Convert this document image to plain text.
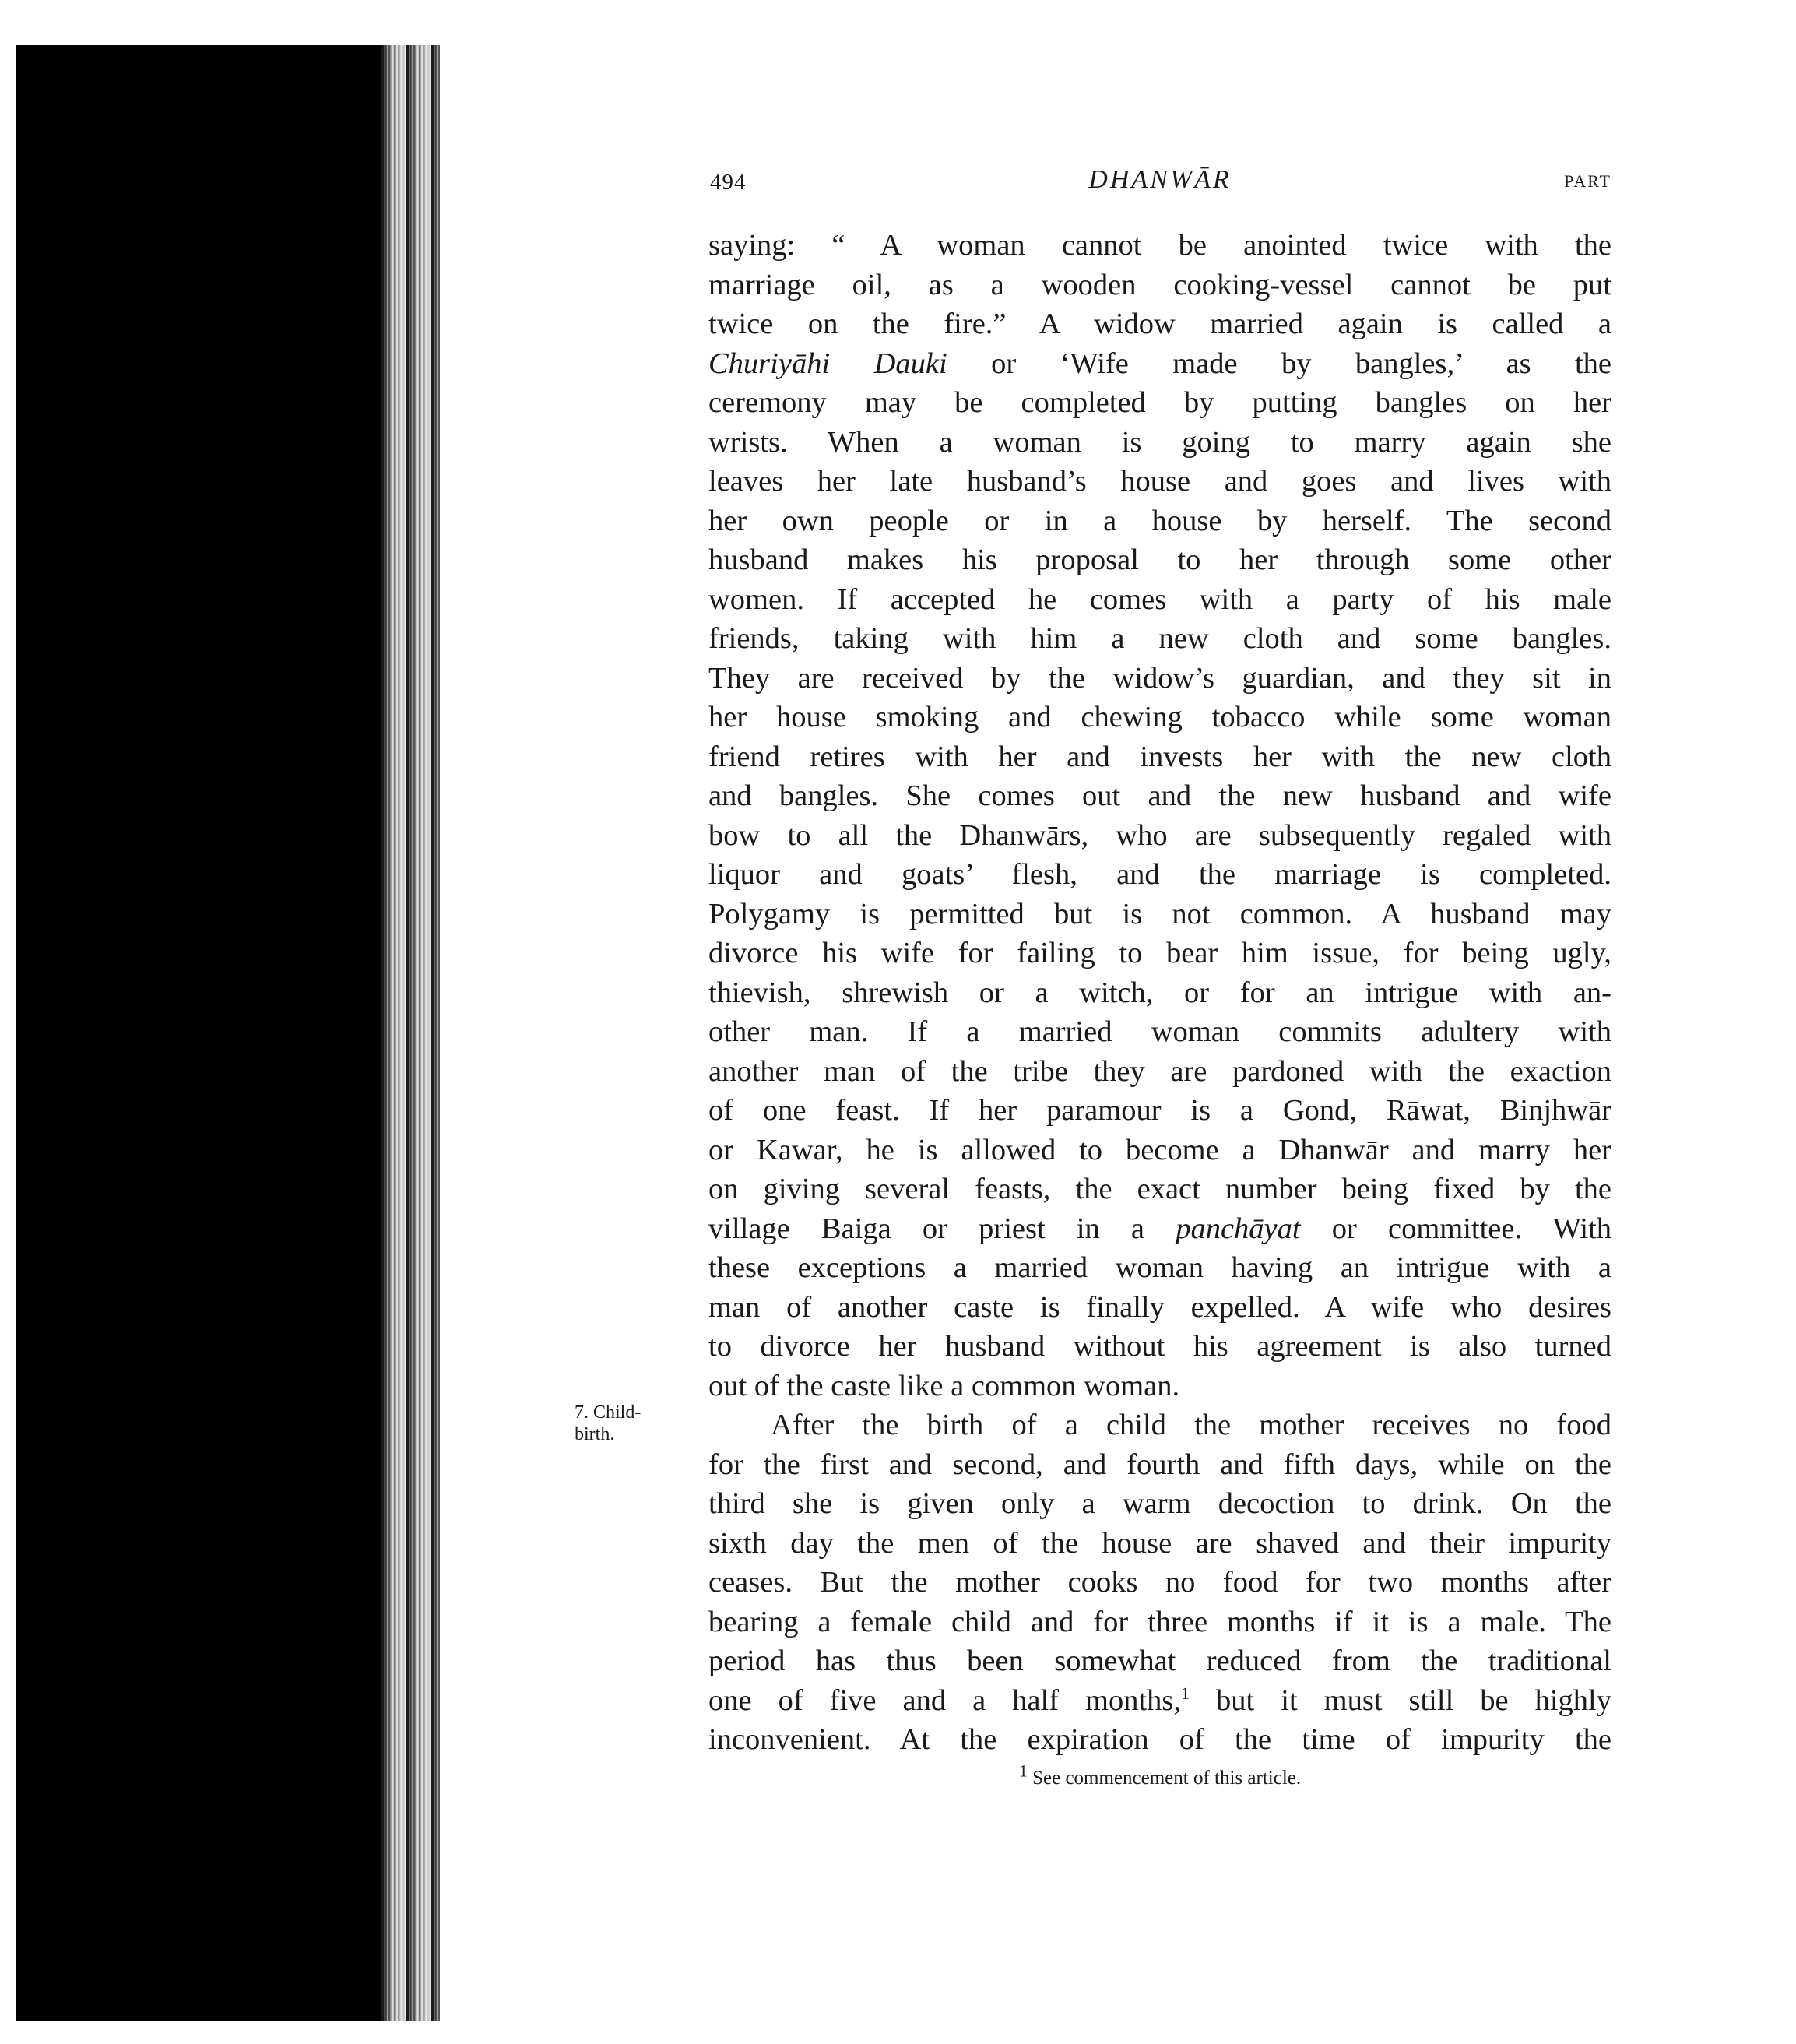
494	DHANWĀR	PART
saying: “ A woman cannot be anointed twice with the
marriage oil, as a wooden cooking-vessel cannot be put
twice on the fire.” A widow married again is called a
Churiyāhi Dauki or ‘Wife made by bangles,’ as the
ceremony may be completed by putting bangles on her
wrists. When a woman is going to marry again she
leaves her late husband’s house and goes and lives with
her own people or in a house by herself. The second
husband makes his proposal to her through some other
women. If accepted he comes with a party of his male
friends, taking with him a new cloth and some bangles.
They are received by the widow’s guardian, and they sit in
her house smoking and chewing tobacco while some woman
friend retires with her and invests her with the new cloth
and bangles. She comes out and the new husband and wife
bow to all the Dhanwārs, who are subsequently regaled with
liquor and goats’ flesh, and the marriage is completed.
Polygamy is permitted but is not common. A husband may
divorce his wife for failing to bear him issue, for being ugly,
thievish, shrewish or a witch, or for an intrigue with an-
other man. If a married woman commits adultery with
another man of the tribe they are pardoned with the exaction
of one feast. If her paramour is a Gond, Rāwat, Binjhwār
or Kawar, he is allowed to become a Dhanwār and marry her
on giving several feasts, the exact number being fixed by the
village Baiga or priest in a panchāyat or committee. With
these exceptions a married woman having an intrigue with a
man of another caste is finally expelled. A wife who desires
to divorce her husband without his agreement is also turned
out of the caste like a common woman.
7. Child-
birth.	After the birth of a child the mother receives no food
for the first and second, and fourth and fifth days, while on the
third she is given only a warm decoction to drink. On the
sixth day the men of the house are shaved and their impurity
ceases. But the mother cooks no food for two months after
bearing a female child and for three months if it is a male. The
period has thus been somewhat reduced from the traditional
one of five and a half months,$^1$ but it must still be highly
inconvenient. At the expiration of the time of impurity the
$^1$ See commencement of this article.
